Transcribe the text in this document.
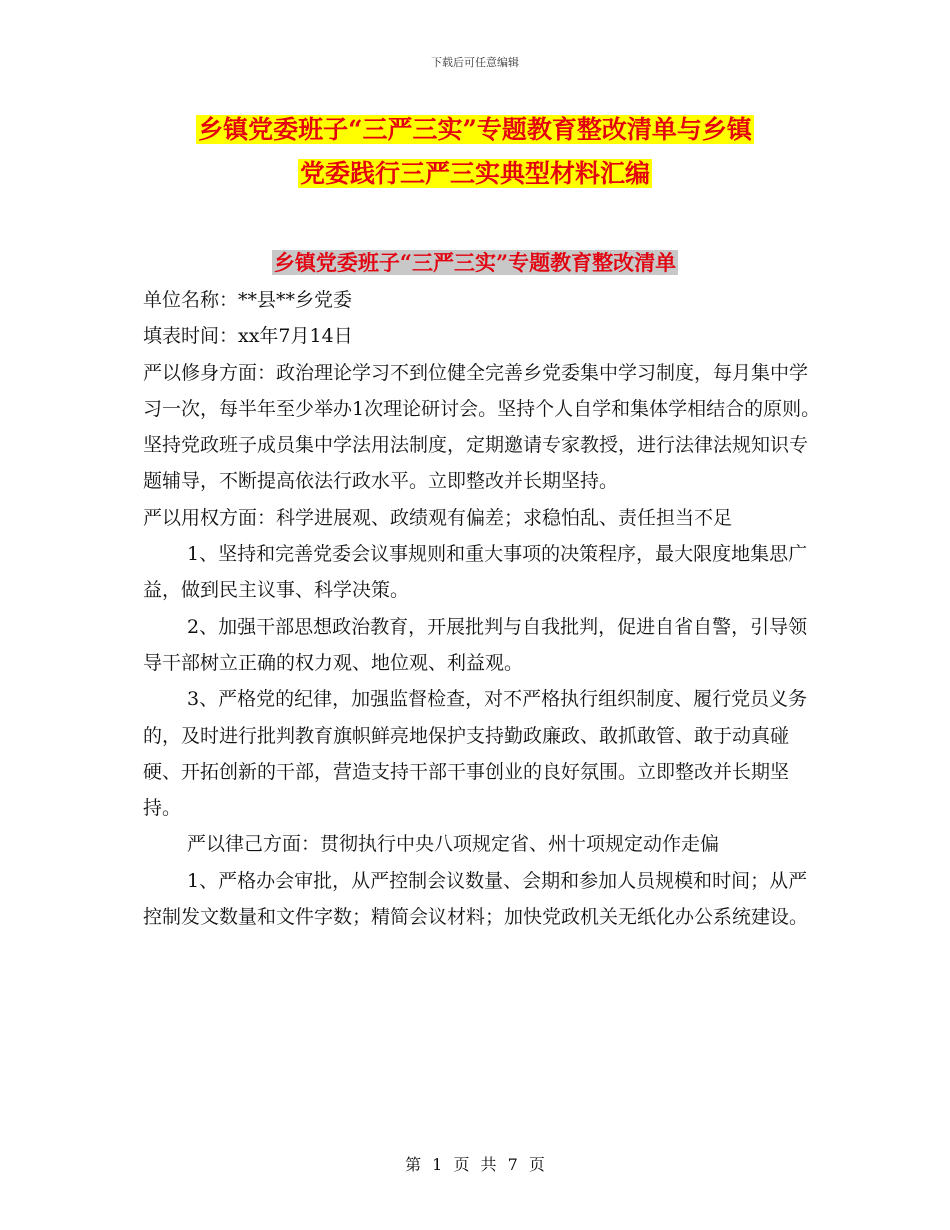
下载后可任意编辑
乡镇党委班子“三严三实”专题教育整改清单与乡镇
党委践行三严三实典型材料汇编
乡镇党委班子“三严三实”专题教育整改清单

单位名称：**县**乡党委

填表时间：xx年7月14日

严以修身方面：政治理论学习不到位健全完善乡党委集中学习制度，每月集中学习一次，每半年至少举办1次理论研讨会。坚持个人自学和集体学相结合的原则。坚持党政班子成员集中学法用法制度，定期邀请专家教授，进行法律法规知识专题辅导，不断提高依法行政水平。立即整改并长期坚持。

严以用权方面：科学进展观、政绩观有偏差；求稳怕乱、责任担当不足

1、坚持和完善党委会议事规则和重大事项的决策程序，最大限度地集思广益，做到民主议事、科学决策。

2、加强干部思想政治教育，开展批判与自我批判，促进自省自警，引导领导干部树立正确的权力观、地位观、利益观。

3、严格党的纪律，加强监督检查，对不严格执行组织制度、履行党员义务的，及时进行批判教育旗帜鲜亮地保护支持勤政廉政、敢抓敢管、敢于动真碰硬、开拓创新的干部，营造支持干部干事创业的良好氛围。立即整改并长期坚持。

严以律己方面：贯彻执行中央八项规定省、州十项规定动作走偏

1、严格办会审批，从严控制会议数量、会期和参加人员规模和时间；从严控制发文数量和文件字数；精简会议材料；加快党政机关无纸化办公系统建设。

第 1 页 共 7 页
